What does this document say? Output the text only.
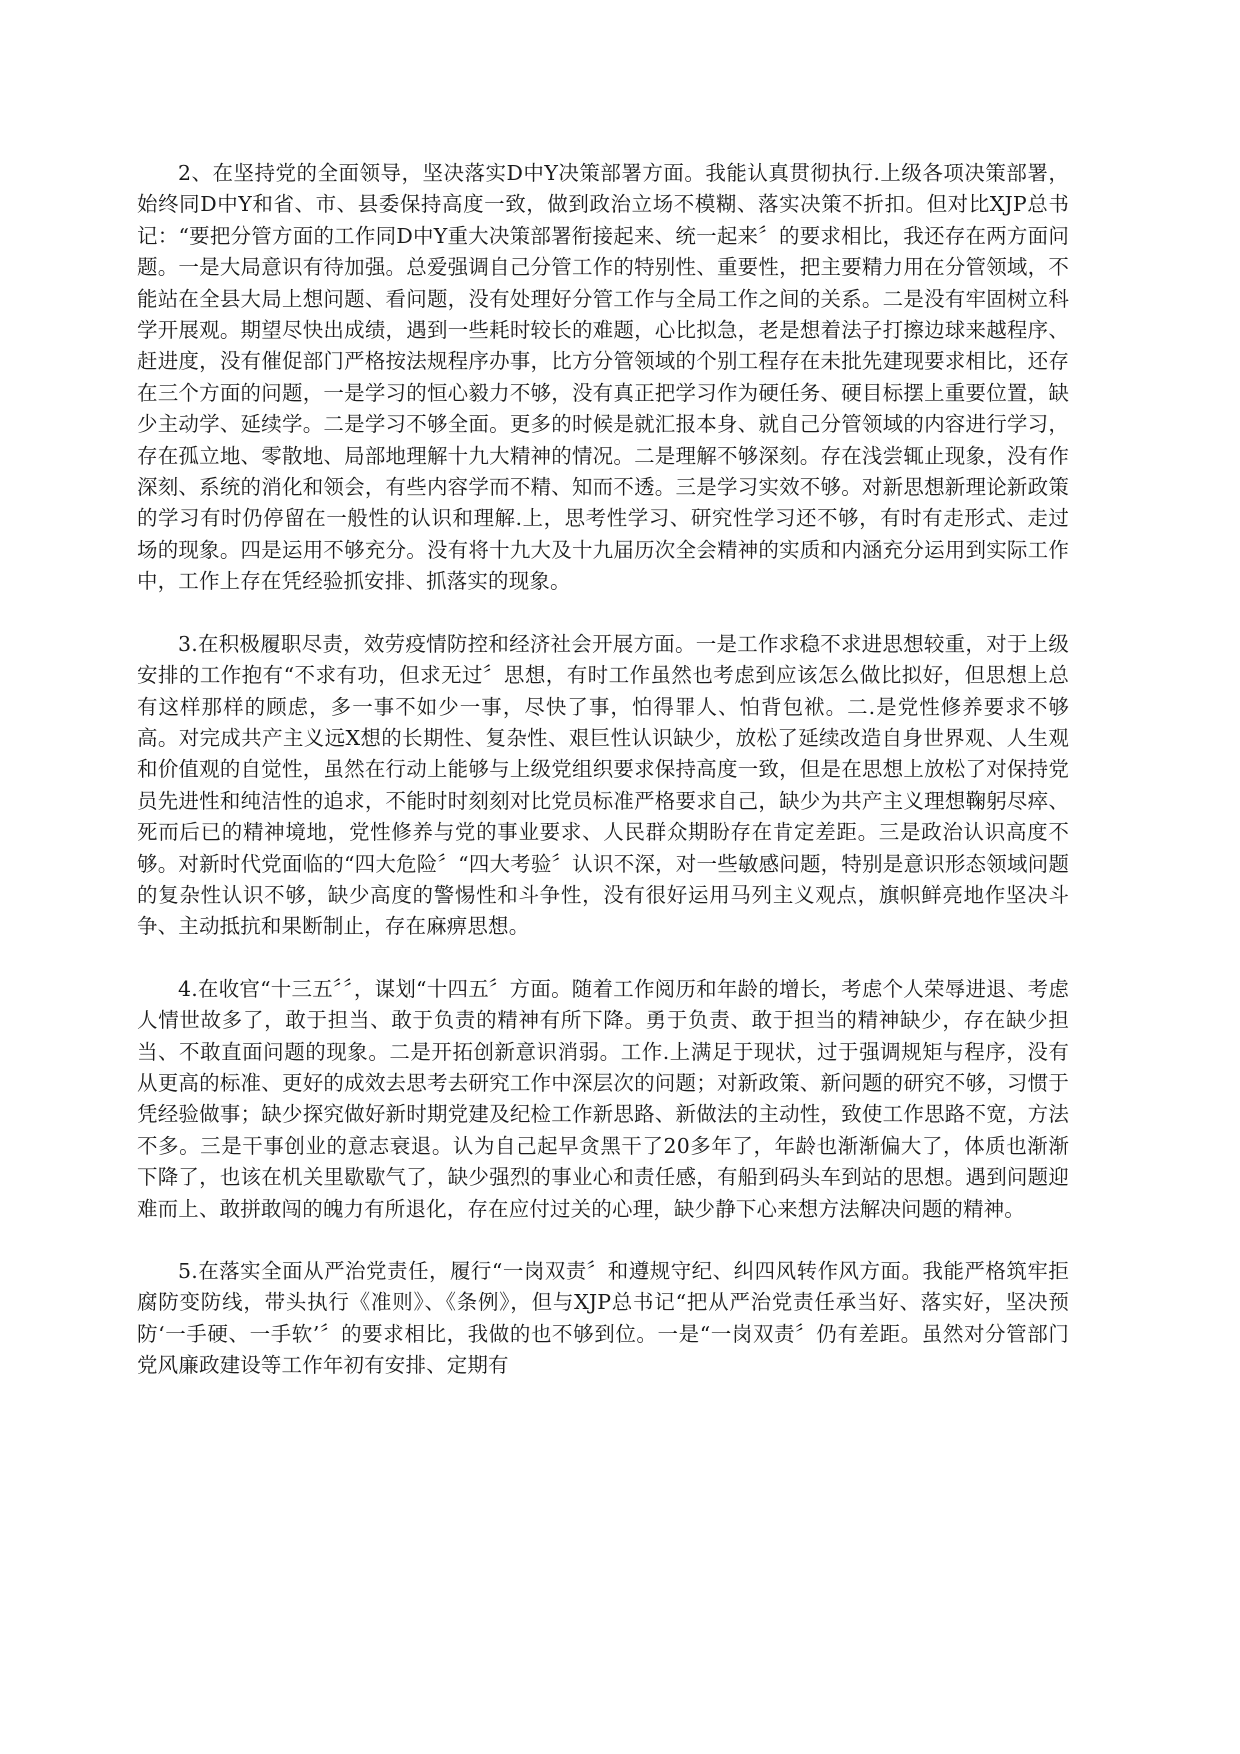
2、在坚持党的全面领导，坚决落实D中Y决策部署方面。我能认真贯彻执行.上级各项决策部署，始终同D中Y和省、市、县委保持高度一致，做到政治立场不模糊、落实决策不折扣。但对比XJP总书记：“要把分管方面的工作同D中Y重大决策部署衔接起来、统一起来〞的要求相比，我还存在两方面问题。一是大局意识有待加强。总爱强调自己分管工作的特别性、重要性，把主要精力用在分管领域，不能站在全县大局上想问题、看问题，没有处理好分管工作与全局工作之间的关系。二是没有牢固树立科学开展观。期望尽快出成绩，遇到一些耗时较长的难题，心比拟急，老是想着法子打擦边球来越程序、赶进度，没有催促部门严格按法规程序办事，比方分管领域的个别工程存在未批先建现要求相比，还存在三个方面的问题，一是学习的恒心毅力不够，没有真正把学习作为硬任务、硬目标摆上重要位置，缺少主动学、延续学。二是学习不够全面。更多的时候是就汇报本身、就自己分管领域的内容进行学习，存在孤立地、零散地、局部地理解十九大精神的情况。二是理解不够深刻。存在浅尝辄止现象，没有作深刻、系统的消化和领会，有些内容学而不精、知而不透。三是学习实效不够。对新思想新理论新政策的学习有时仍停留在一般性的认识和理解.上，思考性学习、研究性学习还不够，有时有走形式、走过场的现象。四是运用不够充分。没有将十九大及十九届历次全会精神的实质和内涵充分运用到实际工作中，工作上存在凭经验抓安排、抓落实的现象。

3.在积极履职尽责，效劳疫情防控和经济社会开展方面。一是工作求稳不求进思想较重，对于上级安排的工作抱有“不求有功，但求无过〞思想，有时工作虽然也考虑到应该怎么做比拟好，但思想上总有这样那样的顾虑，多一事不如少一事，尽快了事，怕得罪人、怕背包袱。二.是党性修养要求不够高。对完成共产主义远X想的长期性、复杂性、艰巨性认识缺少，放松了延续改造自身世界观、人生观和价值观的自觉性，虽然在行动上能够与上级党组织要求保持高度一致，但是在思想上放松了对保持党员先进性和纯洁性的追求，不能时时刻刻对比党员标准严格要求自己，缺少为共产主义理想鞠躬尽瘁、死而后已的精神境地，党性修养与党的事业要求、人民群众期盼存在肯定差距。三是政治认识高度不够。对新时代党面临的“四大危险〞“四大考验〞认识不深，对一些敏感问题，特别是意识形态领域问题的复杂性认识不够，缺少高度的警惕性和斗争性，没有很好运用马列主义观点，旗帜鲜亮地作坚决斗争、主动抵抗和果断制止，存在麻痹思想。

4.在收官“十三五〞〞，谋划“十四五〞方面。随着工作阅历和年龄的增长，考虑个人荣辱进退、考虑人情世故多了，敢于担当、敢于负责的精神有所下降。勇于负责、敢于担当的精神缺少，存在缺少担当、不敢直面问题的现象。二是开拓创新意识消弱。工作.上满足于现状，过于强调规矩与程序，没有从更高的标准、更好的成效去思考去研究工作中深层次的问题；对新政策、新问题的研究不够，习惯于凭经验做事；缺少探究做好新时期党建及纪检工作新思路、新做法的主动性，致使工作思路不宽，方法不多。三是干事创业的意志衰退。认为自己起早贪黑干了20多年了，年龄也渐渐偏大了，体质也渐渐下降了，也该在机关里歇歇气了，缺少强烈的事业心和责任感，有船到码头车到站的思想。遇到问题迎难而上、敢拼敢闯的魄力有所退化，存在应付过关的心理，缺少静下心来想方法解决问题的精神。

5.在落实全面从严治党责任，履行“一岗双责〞和遵规守纪、纠四风转作风方面。我能严格筑牢拒腐防变防线，带头执行《准则》、《条例》，但与XJP总书记“把从严治党责任承当好、落实好，坚决预防‘一手硬、一手软’〞的要求相比，我做的也不够到位。一是“一岗双责〞仍有差距。虽然对分管部门党风廉政建设等工作年初有安排、定期有
